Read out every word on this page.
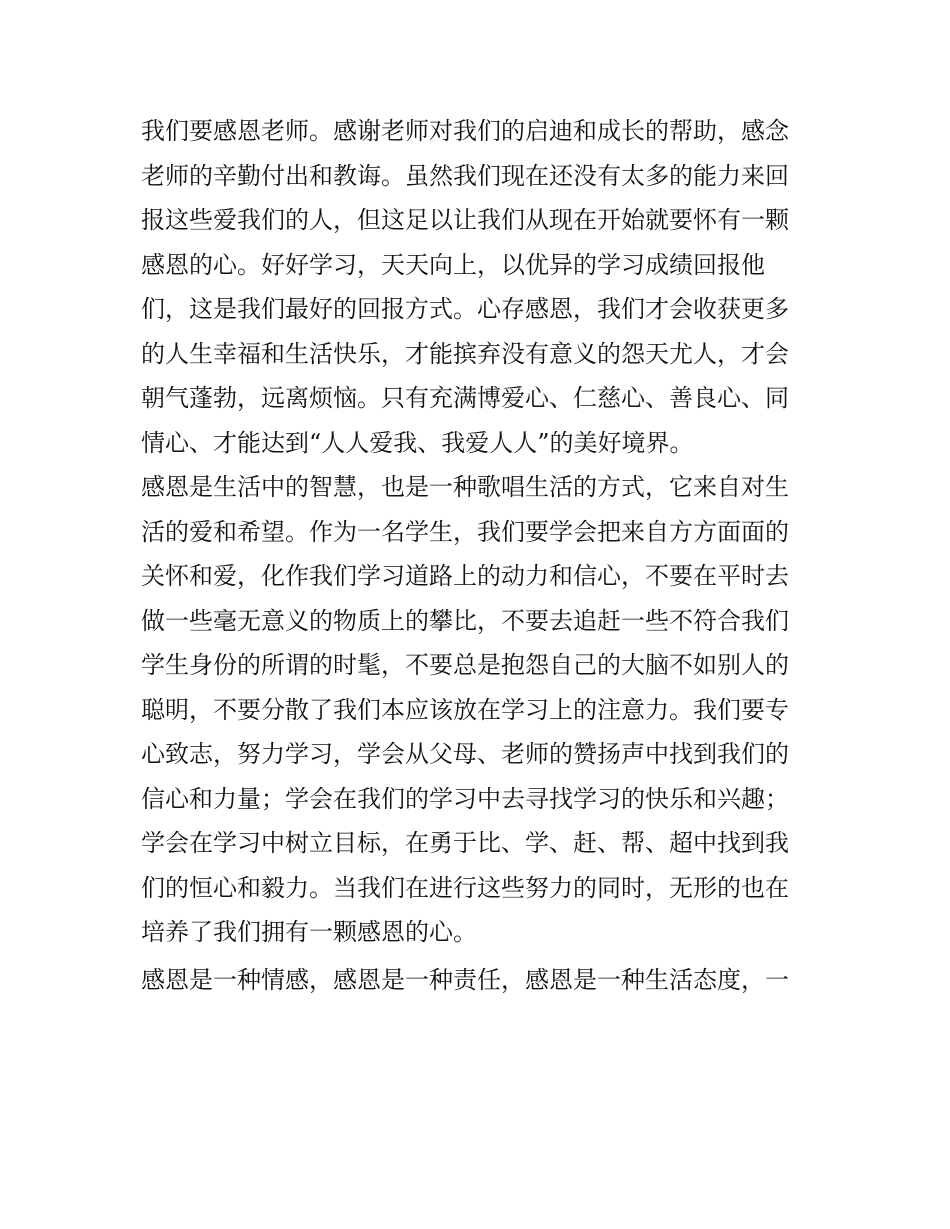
我们要感恩老师。感谢老师对我们的启迪和成长的帮助，感念
老师的辛勤付出和教诲。虽然我们现在还没有太多的能力来回
报这些爱我们的人，但这足以让我们从现在开始就要怀有一颗
感恩的心。好好学习，天天向上，以优异的学习成绩回报他
们，这是我们最好的回报方式。心存感恩，我们才会收获更多
的人生幸福和生活快乐，才能摈弃没有意义的怨天尤人，才会
朝气蓬勃，远离烦恼。只有充满博爱心、仁慈心、善良心、同
情心、才能达到“人人爱我、我爱人人”的美好境界。
感恩是生活中的智慧，也是一种歌唱生活的方式，它来自对生
活的爱和希望。作为一名学生，我们要学会把来自方方面面的
关怀和爱，化作我们学习道路上的动力和信心，不要在平时去
做一些毫无意义的物质上的攀比，不要去追赶一些不符合我们
学生身份的所谓的时髦，不要总是抱怨自己的大脑不如别人的
聪明，不要分散了我们本应该放在学习上的注意力。我们要专
心致志，努力学习，学会从父母、老师的赞扬声中找到我们的
信心和力量；学会在我们的学习中去寻找学习的快乐和兴趣；
学会在学习中树立目标，在勇于比、学、赶、帮、超中找到我
们的恒心和毅力。当我们在进行这些努力的同时，无形的也在
培养了我们拥有一颗感恩的心。
感恩是一种情感，感恩是一种责任，感恩是一种生活态度，一
